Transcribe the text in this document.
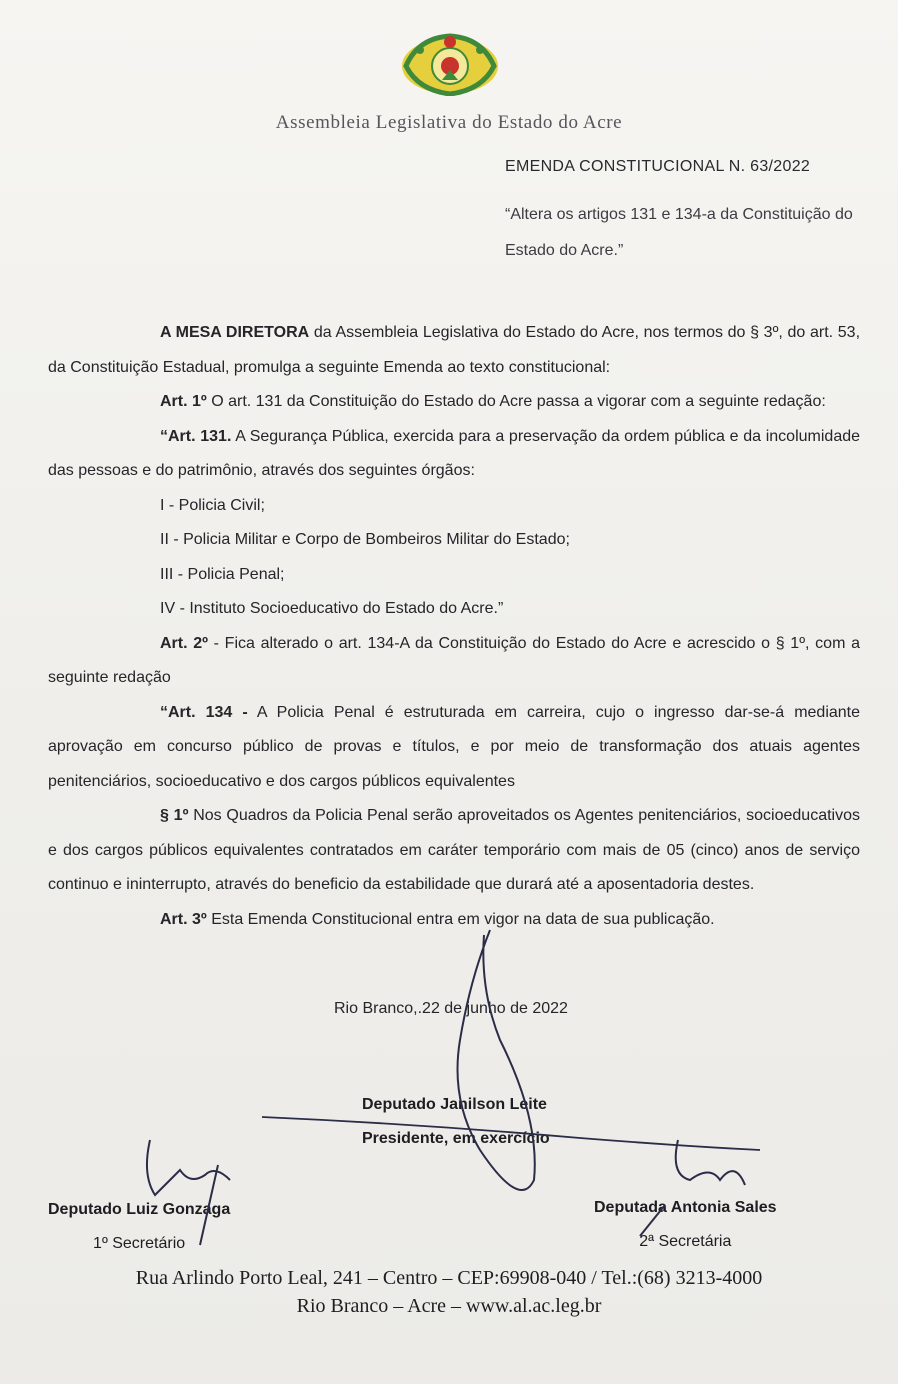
Assembleia Legislativa do Estado do Acre
EMENDA CONSTITUCIONAL N. 63/2022
“Altera os artigos 131 e 134-a da Constituição do Estado do Acre.”

A MESA DIRETORA da Assembleia Legislativa do Estado do Acre, nos termos do § 3º, do art. 53, da Constituição Estadual, promulga a seguinte Emenda ao texto constitucional:

Art. 1º O art. 131 da Constituição do Estado do Acre passa a vigorar com a seguinte redação:

“Art. 131. A Segurança Pública, exercida para a preservação da ordem pública e da incolumidade das pessoas e do patrimônio, através dos seguintes órgãos:

I - Policia Civil;

II - Policia Militar e Corpo de Bombeiros Militar do Estado;

III - Policia Penal;

IV - Instituto Socioeducativo do Estado do Acre.”

Art. 2º - Fica alterado o art. 134-A da Constituição do Estado do Acre e acrescido o § 1º, com a seguinte redação

“Art. 134 - A Policia Penal é estruturada em carreira, cujo o ingresso dar-se-á mediante aprovação em concurso público de provas e títulos, e por meio de transformação dos atuais agentes penitenciários, socioeducativo e dos cargos públicos equivalentes

§ 1º Nos Quadros da Policia Penal serão aproveitados os Agentes penitenciários, socioeducativos e dos cargos públicos equivalentes contratados em caráter temporário com mais de 05 (cinco) anos de serviço continuo e ininterrupto, através do beneficio da estabilidade que durará até a aposentadoria destes.

Art. 3º Esta Emenda Constitucional entra em vigor na data de sua publicação.

Rio Branco,.22 de junho de 2022
Deputado Janilson Leite
Presidente, em exercício
Deputado Luiz Gonzaga
1º Secretário
Deputada Antonia Sales
2ª Secretária
Rua Arlindo Porto Leal, 241 – Centro – CEP:69908-040 / Tel.:(68) 3213-4000
Rio Branco – Acre – www.al.ac.leg.br
